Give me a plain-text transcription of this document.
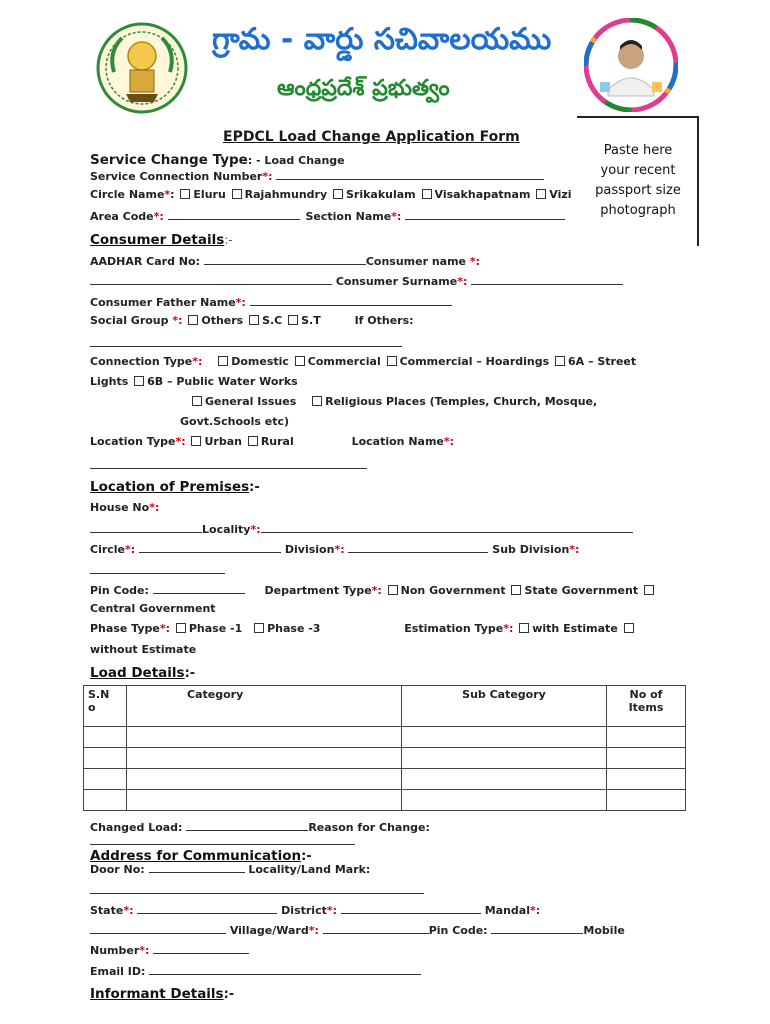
గ్రామ - వార్డు సచివాలయము
ఆంధ్రప్రదేశ్ ప్రభుత్వం
Paste here
your recent
passport size
photograph
EPDCL Load Change Application Form
Service Change Type: - Load Change
Service Connection Number*:
Circle Name*: Eluru Rajahmundry Srikakulam Visakhapatnam Vizi
Area Code*:	Section Name*:
Consumer Details:-
AADHAR Card No:	Consumer name *:
Consumer Surname*:
Consumer Father Name*:
Social Group *: Others S.C S.T	If Others:
Connection Type*:	Domestic Commercial Commercial – Hoardings 6A – Street
Lights 6B – Public Water Works
General Issues	Religious Places (Temples, Church, Mosque,
Govt.Schools etc)
Location Type*: Urban Rural	Location Name*:
Location of Premises:-
House No*:
Locality*:
Circle*:	Division*:	Sub Division*:
Pin Code:	Department Type*: Non Government State Government
Central Government
Phase Type*: Phase -1 Phase -3	Estimation Type*: with Estimate
without Estimate
Load Details:-
S.N
o	Category	Sub Category	No of Items

Changed Load:	Reason for Change:
Address for Communication:-
Door No:	Locality/Land Mark:
State*:	District*:	Mandal*:
Village/Ward*:	Pin Code:	Mobile
Number*:
Email ID:
Informant Details:-
